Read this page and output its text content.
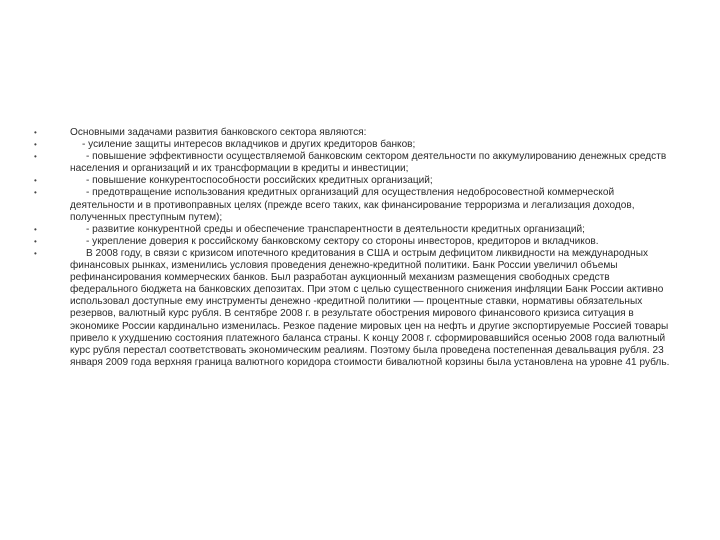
•	Основными задачами развития банковского сектора являются:
•	- усиление защиты интересов вкладчиков и других кредиторов банков;
•	- повышение эффективности осуществляемой банковским сектором деятельности по аккумулированию денежных средств населения и организаций и их трансформации в кредиты и инвестиции;
•	- повышение конкурентоспособности российских кредитных организаций;
•	- предотвращение использования кредитных организаций для осуществления недобросовестной коммерческой деятельности и в противоправных целях (прежде всего таких, как финансирование терроризма и легализация доходов, полученных преступным путем);
•	- развитие конкурентной среды и обеспечение транспарентности в деятельности кредитных организаций;
•	- укрепление доверия к российскому банковскому сектору со стороны инвесторов, кредиторов и вкладчиков.
•	В 2008 году, в связи с кризисом ипотечного кредитования в США и острым дефицитом ликвидности на международных финансовых рынках, изменились условия проведения денежно-кредитной политики. Банк России увеличил объемы рефинансирования коммерческих банков. Был разработан аукционный механизм размещения свободных средств федерального бюджета на банковских депозитах. При этом с целью существенного снижения инфляции Банк России активно использовал доступные ему инструменты денежно -кредитной политики — процентные ставки, нормативы обязательных резервов, валютный курс рубля. В сентябре 2008 г. в результате обострения мирового финансового кризиса ситуация в экономике России кардинально изменилась. Резкое падение мировых цен на нефть и другие экспортируемые Россией товары привело к ухудшению состояния платежного баланса страны. К концу 2008 г. сформировавшийся осенью 2008 года валютный курс рубля перестал соответствовать экономическим реалиям. Поэтому была проведена постепенная девальвация рубля. 23 января 2009 года верхняя граница валютного коридора стоимости бивалютной корзины была установлена на уровне 41 рубль.
